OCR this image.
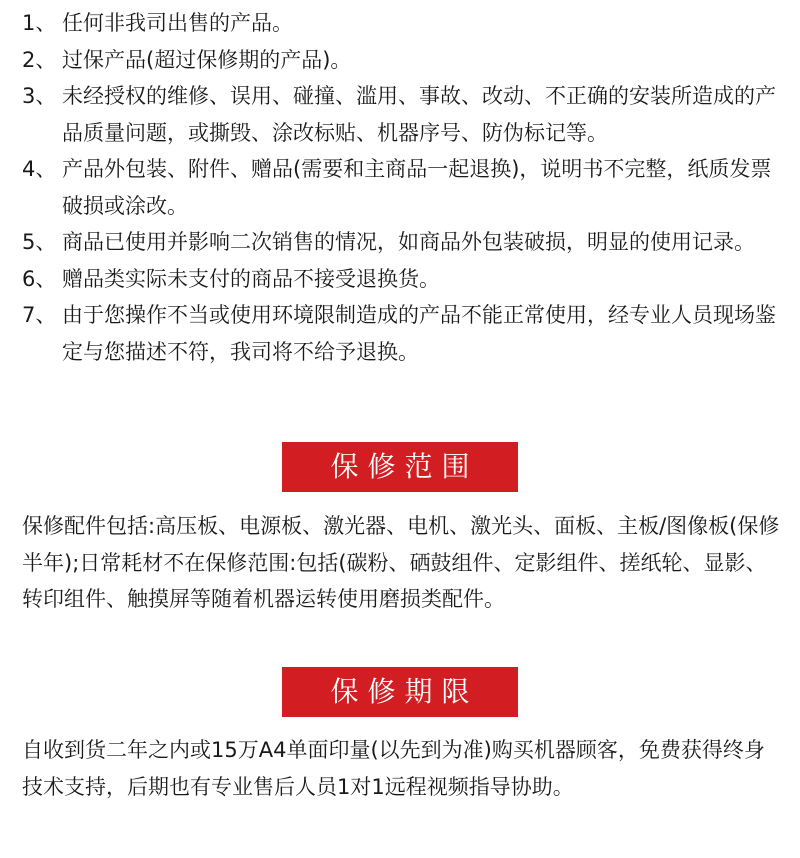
1、 任何非我司出售的产品。
2、 过保产品(超过保修期的产品)。
3、 未经授权的维修、误用、碰撞、滥用、事故、改动、不正确的安装所造成的产品质量问题，或撕毁、涂改标贴、机器序号、防伪标记等。
4、 产品外包装、附件、赠品(需要和主商品一起退换)，说明书不完整，纸质发票破损或涂改。
5、 商品已使用并影响二次销售的情况，如商品外包装破损，明显的使用记录。
6、 赠品类实际未支付的商品不接受退换货。
7、 由于您操作不当或使用环境限制造成的产品不能正常使用，经专业人员现场鉴定与您描述不符，我司将不给予退换。
保修范围

保修配件包括:高压板、电源板、激光器、电机、激光头、面板、主板/图像板(保修半年);日常耗材不在保修范围:包括(碳粉、硒鼓组件、定影组件、搓纸轮、显影、转印组件、触摸屏等随着机器运转使用磨损类配件。

保修期限

自收到货二年之内或15万A4单面印量(以先到为准)购买机器顾客，免费获得终身技术支持，后期也有专业售后人员1对1远程视频指导协助。
